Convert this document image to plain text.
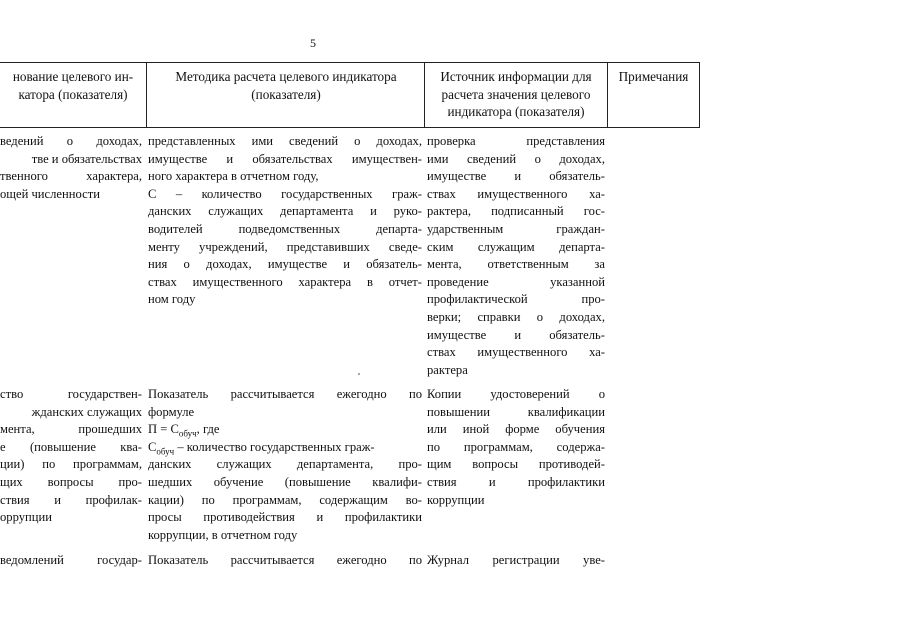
5
нование целевого ин-
катора (показателя)
Методика расчета целевого индикатора
(показателя)
Источник информации для
расчета значения целевого
индикатора (показателя)
Примечания
ведений о доходах,
тве и обязательствах
твенного характера,
ощей численности
представленных ими сведений о доходах,
имуществе и обязательствах имуществен-
ного характера в отчетном году,
С – количество государственных граж-
данских служащих департамента и руко-
водителей подведомственных департа-
менту учреждений, представивших сведе-
ния о доходах, имуществе и обязатель-
ствах имущественного характера в отчет-
ном году
проверка представления
ими сведений о доходах,
имуществе и обязатель-
ствах имущественного ха-
рактера, подписанный гос-
ударственным граждан-
ским служащим департа-
мента, ответственным за
проведение указанной
профилактической про-
верки; справки о доходах,
имуществе и обязатель-
ствах имущественного ха-
рактера
ство государствен-
жданских служащих
мента, прошедших
е (повышение ква-
ции) по программам,
щих вопросы про-
ствия и профилак-
оррупции
Показатель рассчитывается ежегодно по
формуле
$П = С_{обуч}$, где
$С_{обуч}$ – количество государственных граж-
данских служащих департамента, про-
шедших обучение (повышение квалифи-
кации) по программам, содержащим во-
просы противодействия и профилактики
коррупции, в отчетном году
Копии удостоверений о
повышении квалификации
или иной форме обучения
по программам, содержа-
щим вопросы противодей-
ствия и профилактики
коррупции
ведомлений государ- Показатель рассчитывается ежегодно по Журнал регистрации уве-
